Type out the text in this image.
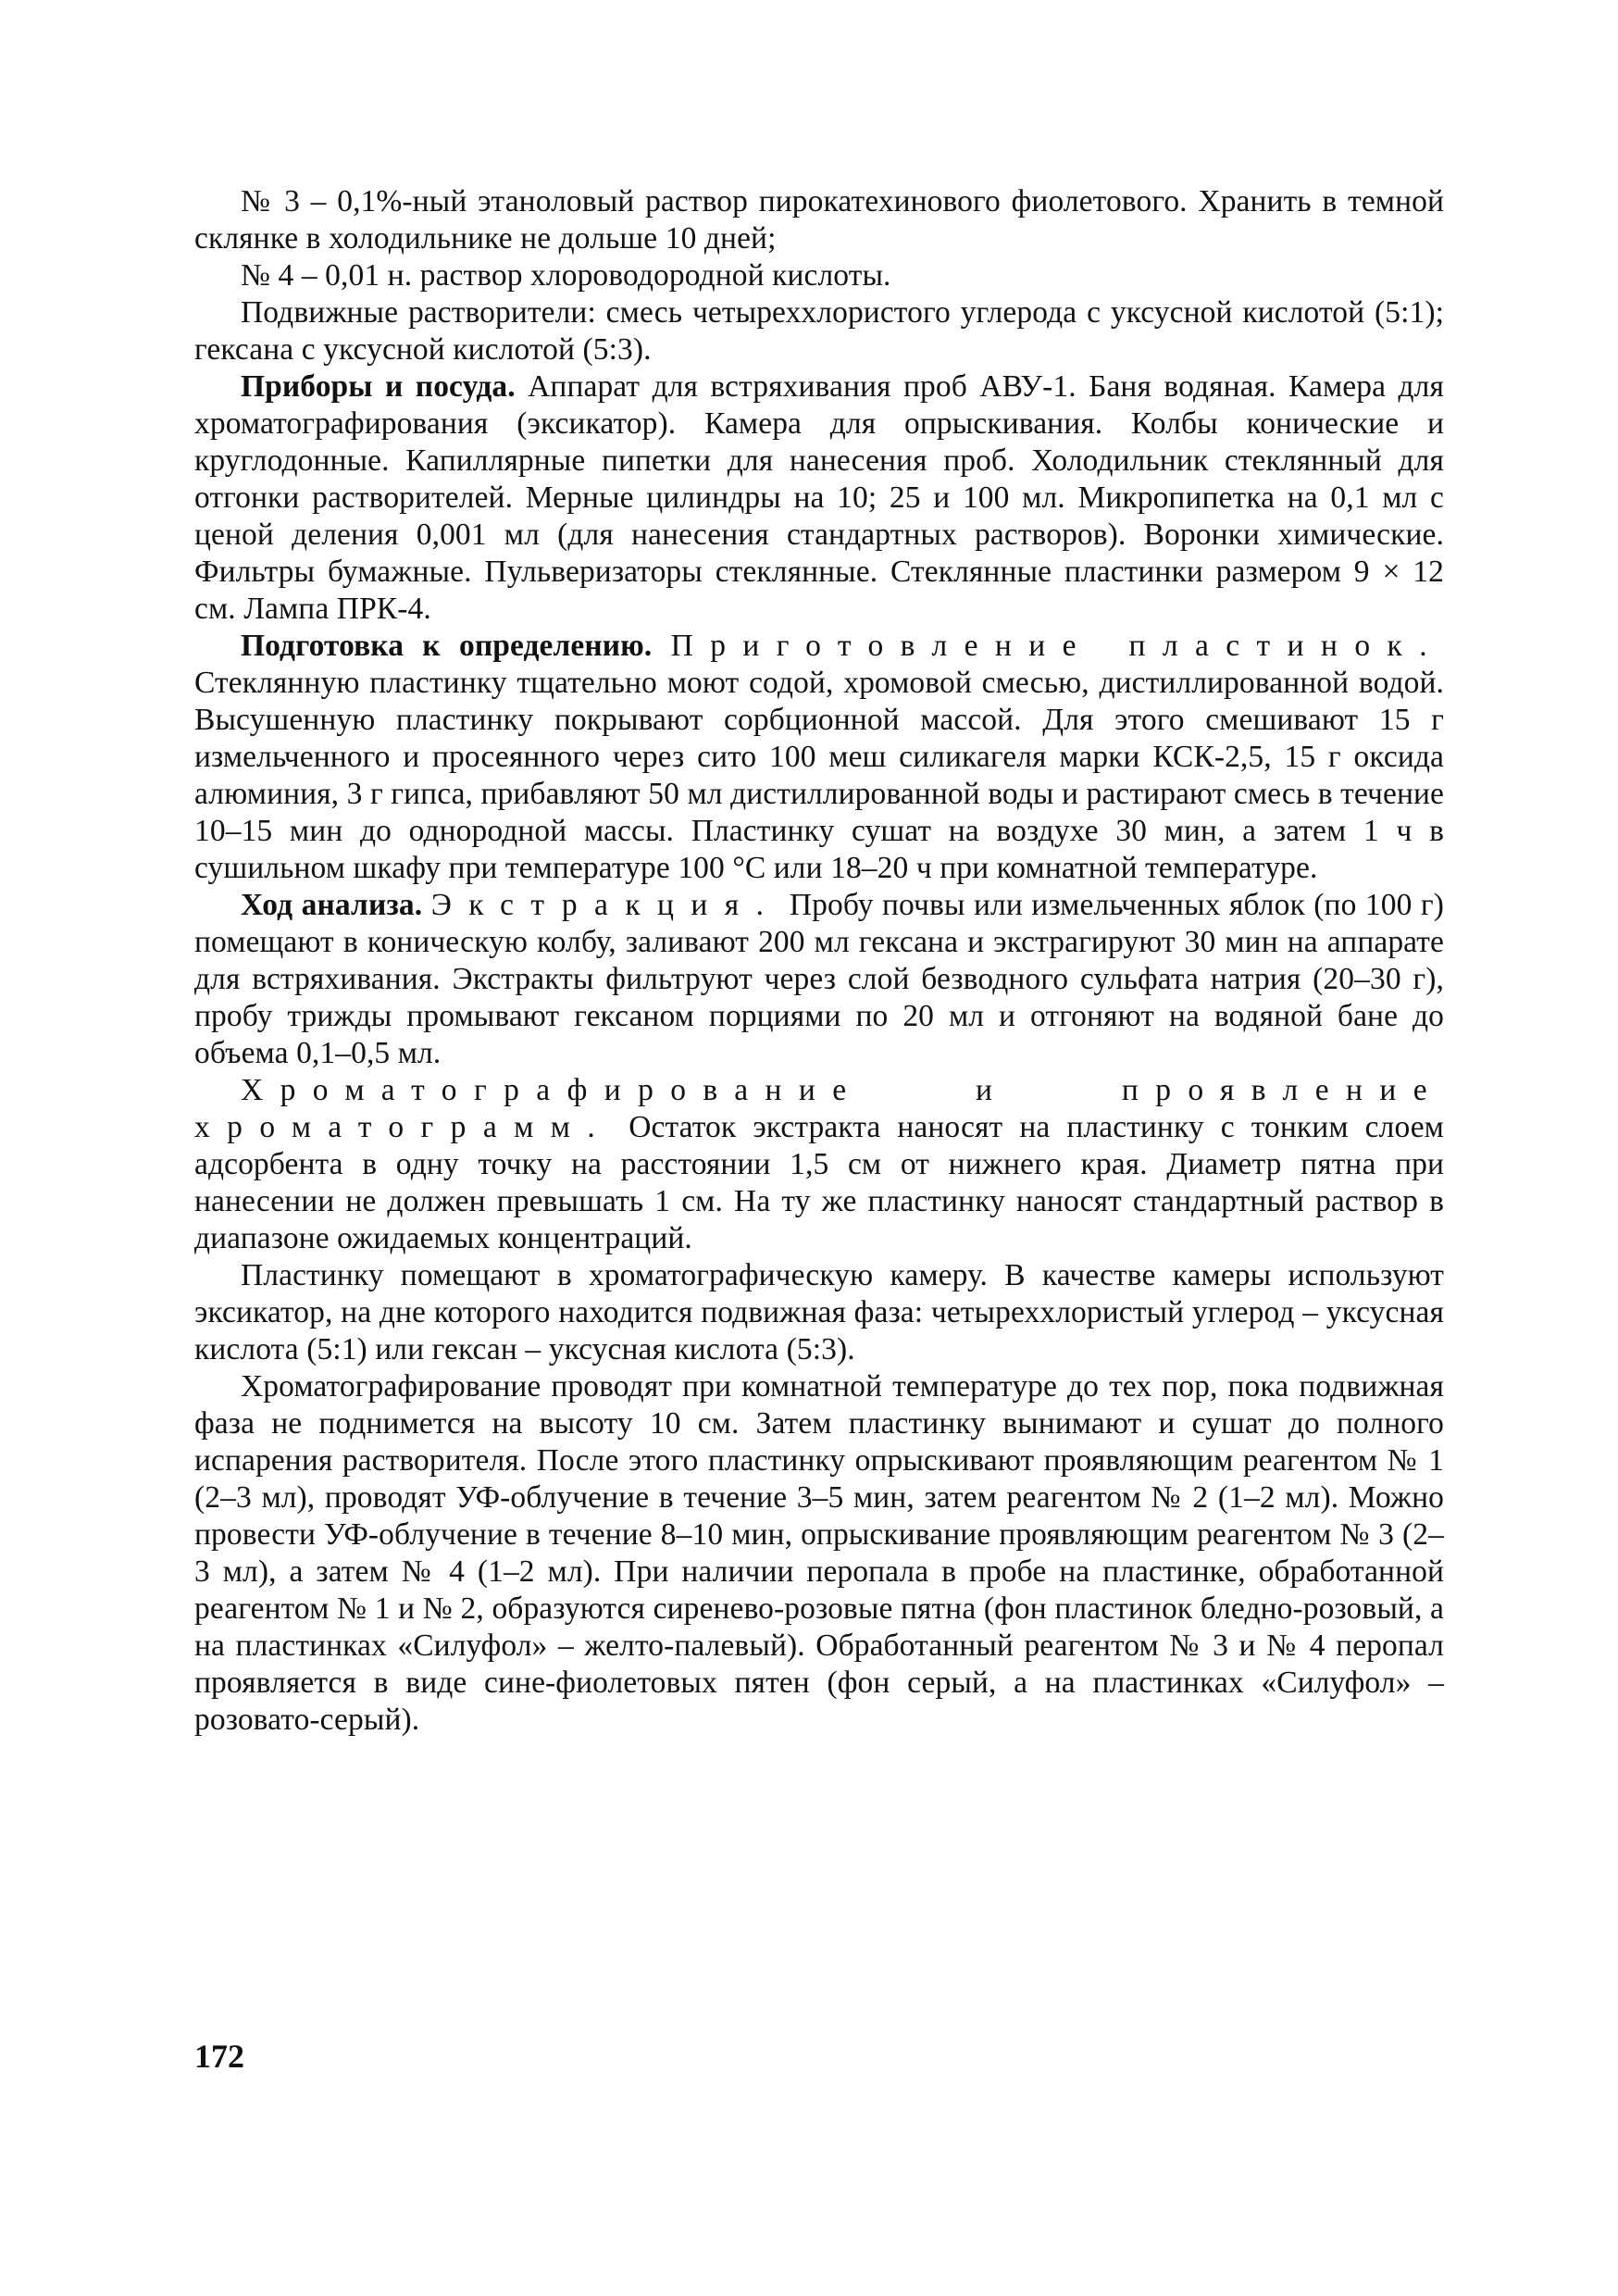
№ 3 – 0,1%-ный этаноловый раствор пирокатехинового фиолетового. Хранить в темной склянке в холодильнике не дольше 10 дней;

№ 4 – 0,01 н. раствор хлороводородной кислоты.

Подвижные растворители: смесь четыреххлористого углерода с уксусной кислотой (5:1); гексана с уксусной кислотой (5:3).

Приборы и посуда. Аппарат для встряхивания проб АВУ-1. Баня водяная. Камера для хроматографирования (эксикатор). Камера для опрыскивания. Колбы конические и круглодонные. Капиллярные пипетки для нанесения проб. Холодильник стеклянный для отгонки растворителей. Мерные цилиндры на 10; 25 и 100 мл. Микропипетка на 0,1 мл с ценой деления 0,001 мл (для нанесения стандартных растворов). Воронки химические. Фильтры бумажные. Пульверизаторы стеклянные. Стеклянные пластинки размером 9 × 12 см. Лампа ПРК-4.

Подготовка к определению. Приготовление пластинок. Стеклянную пластинку тщательно моют содой, хромовой смесью, дистиллированной водой. Высушенную пластинку покрывают сорбционной массой. Для этого смешивают 15 г измельченного и просеянного через сито 100 меш силикагеля марки КСК-2,5, 15 г оксида алюминия, 3 г гипса, прибавляют 50 мл дистиллированной воды и растирают смесь в течение 10–15 мин до однородной массы. Пластинку сушат на воздухе 30 мин, а затем 1 ч в сушильном шкафу при температуре 100 °С или 18–20 ч при комнатной температуре.

Ход анализа. Экстракция. Пробу почвы или измельченных яблок (по 100 г) помещают в коническую колбу, заливают 200 мл гексана и экстрагируют 30 мин на аппарате для встряхивания. Экстракты фильтруют через слой безводного сульфата натрия (20–30 г), пробу трижды промывают гексаном порциями по 20 мл и отгоняют на водяной бане до объема 0,1–0,5 мл.

Хроматографирование и проявление хроматограмм. Остаток экстракта наносят на пластинку с тонким слоем адсорбента в одну точку на расстоянии 1,5 см от нижнего края. Диаметр пятна при нанесении не должен превышать 1 см. На ту же пластинку наносят стандартный раствор в диапазоне ожидаемых концентраций.

Пластинку помещают в хроматографическую камеру. В качестве камеры используют эксикатор, на дне которого находится подвижная фаза: четыреххлористый углерод – уксусная кислота (5:1) или гексан – уксусная кислота (5:3).

Хроматографирование проводят при комнатной температуре до тех пор, пока подвижная фаза не поднимется на высоту 10 см. Затем пластинку вынимают и сушат до полного испарения растворителя. После этого пластинку опрыскивают проявляющим реагентом № 1 (2–3 мл), проводят УФ-облучение в течение 3–5 мин, затем реагентом № 2 (1–2 мл). Можно провести УФ-облучение в течение 8–10 мин, опрыскивание проявляющим реагентом № 3 (2–3 мл), а затем № 4 (1–2 мл). При наличии перопала в пробе на пластинке, обработанной реагентом № 1 и № 2, образуются сиренево-розовые пятна (фон пластинок бледно-розовый, а на пластинках «Силуфол» – желто-палевый). Обработанный реагентом № 3 и № 4 перопал проявляется в виде сине-фиолетовых пятен (фон серый, а на пластинках «Силуфол» – розовато-серый).

172
